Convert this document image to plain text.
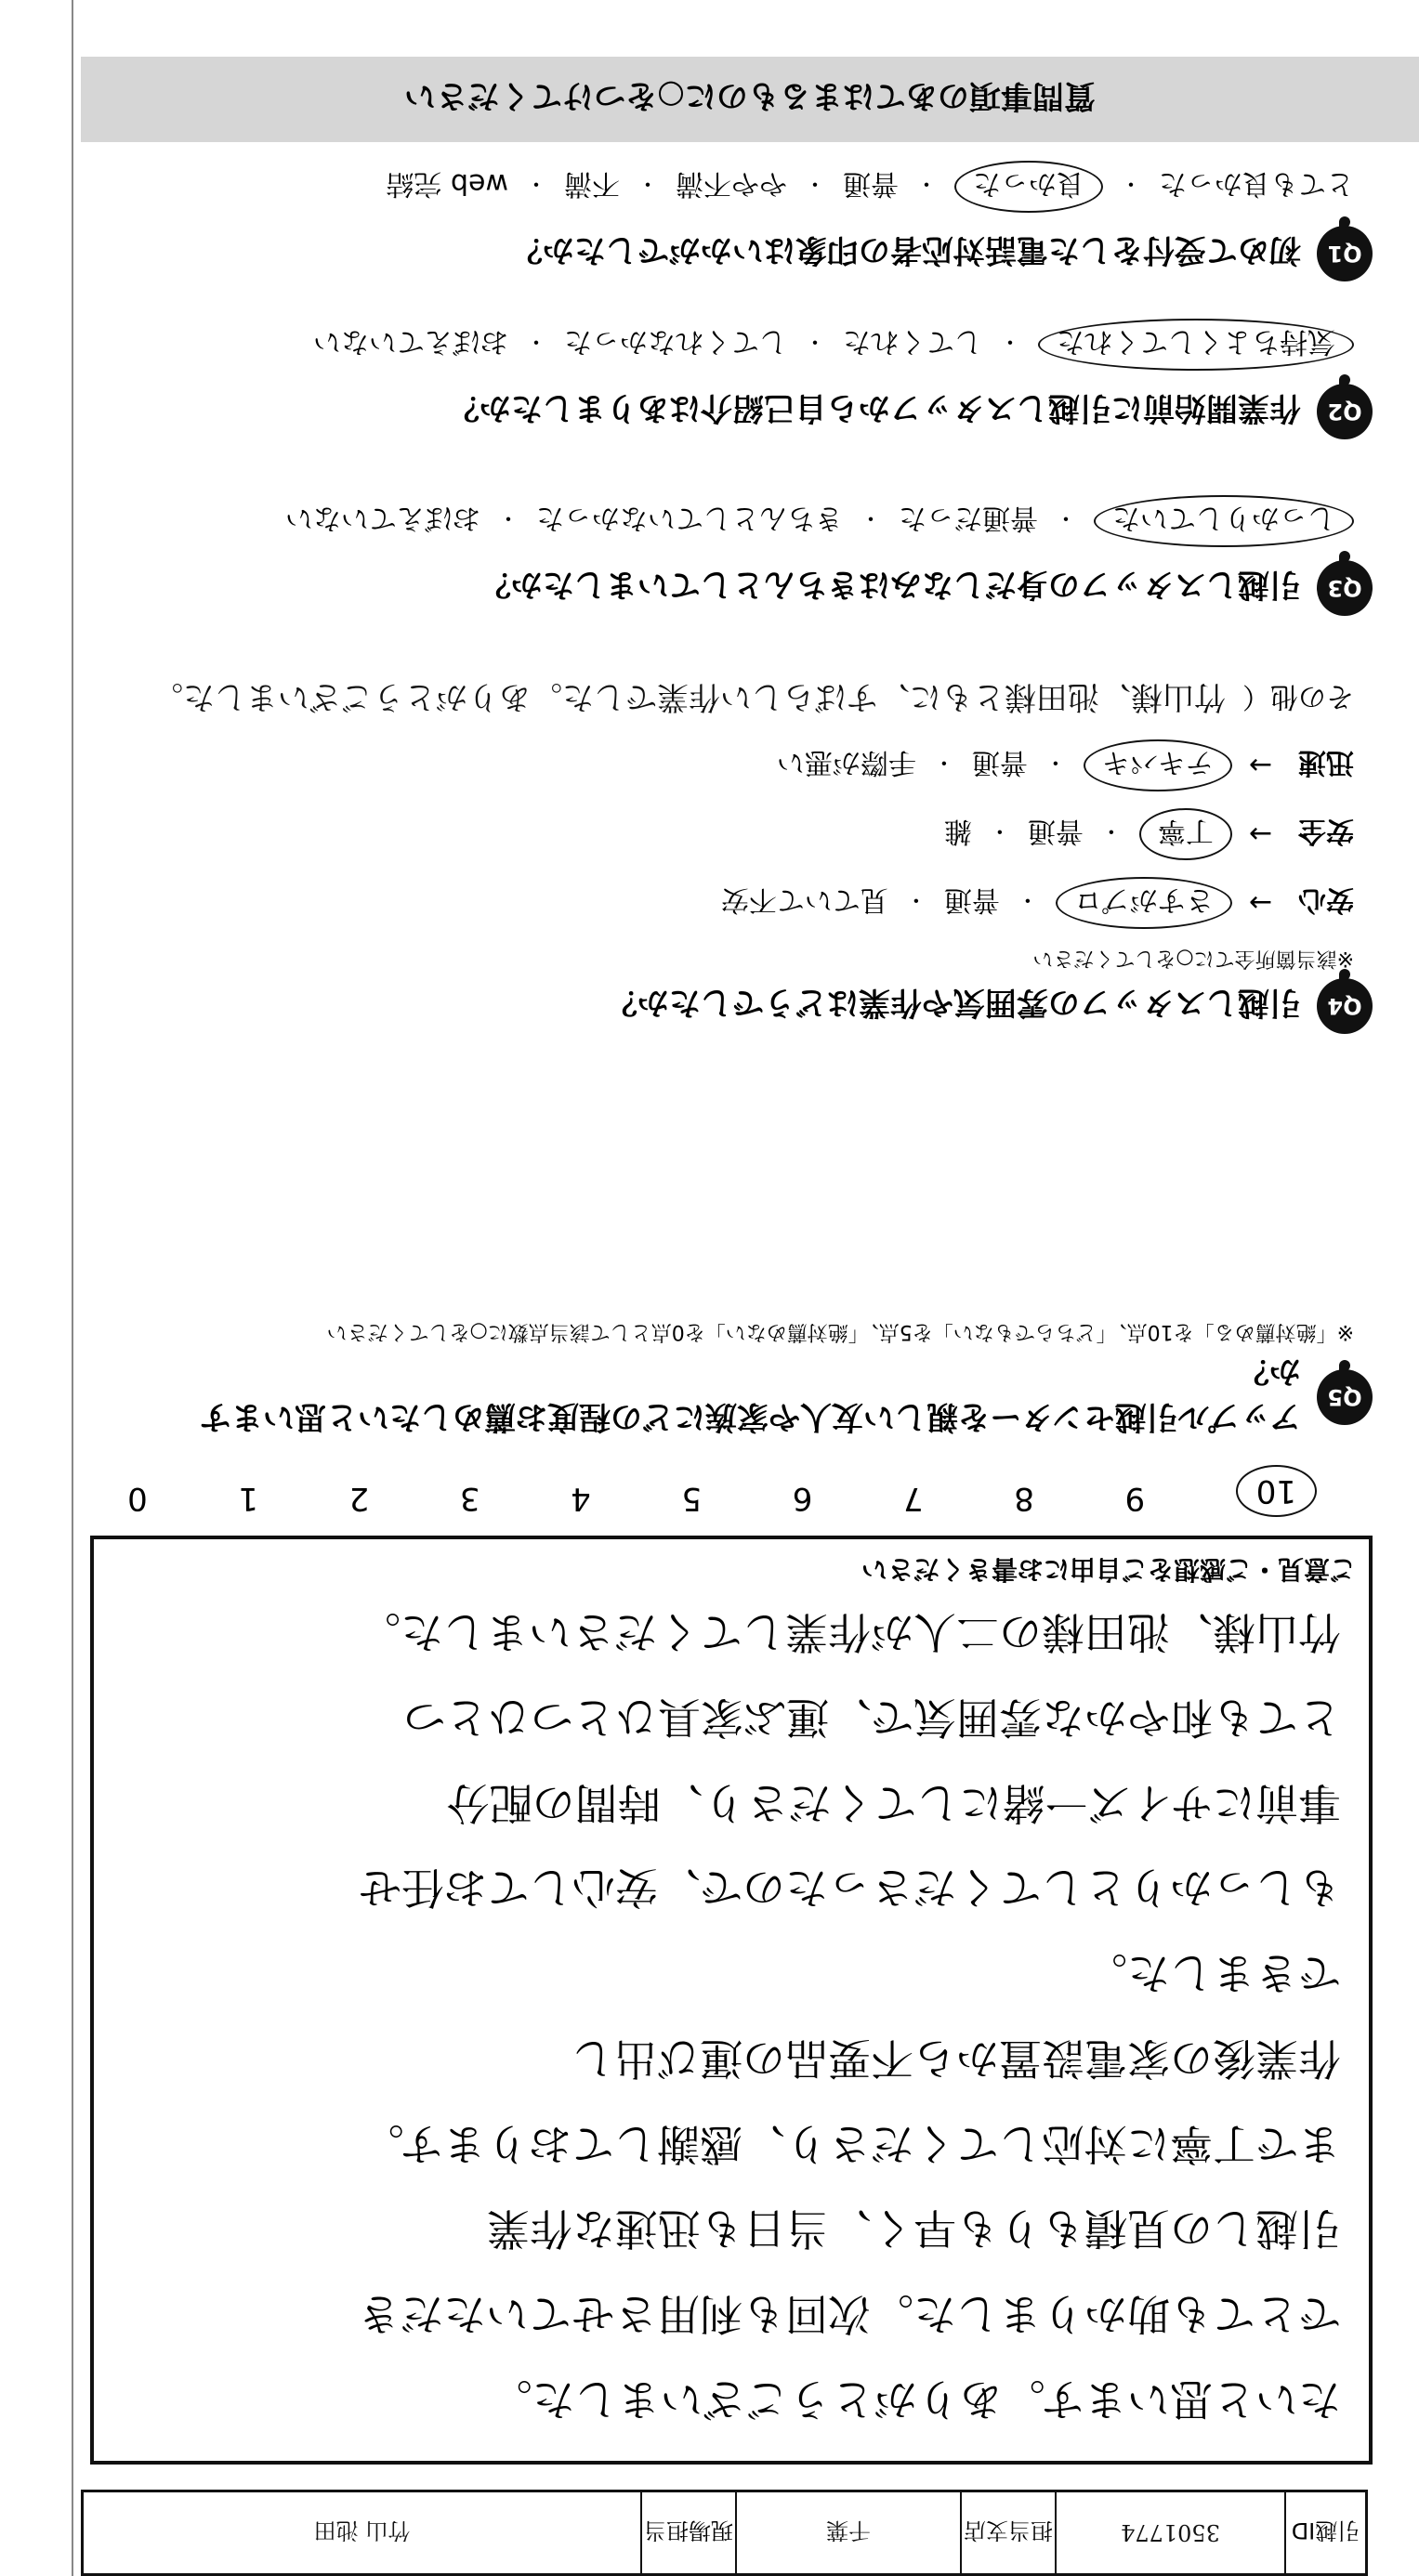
引越ID
3501774
担当支店
千葉
現場担当
竹山 池田
質問事項のあてはまるものに○をつけてください
Q1 初めて受付をした電話対応者の印象はいかがでしたか？
とても良かった
・
良かった
・
普通
・
やや不満
・
不満
・
web 完結
Q2 作業開始前に引越しスタッフから自己紹介はありましたか？
気持ちよくしてくれた
・
してくれた
・
してくれなかった
・
おぼえていない
Q3 引越しスタッフの身だしなみはきちんとしていましたか？
しっかりしていた
・
普通だった
・
きちんとしていなかった
・
おぼえていない
Q4 引越しスタッフの雰囲気や作業はどうでしたか？
※該当箇所全てに○をしてください
安心
→
さすがプロ
・
普通
・
見ていて不安
安全
→
丁寧
・
普通
・
雑
迅速
→
テキパキ
・
普通
・
手際が悪い
その他（
竹山様、池田様ともに、すばらしい作業でした。ありがとうございました。
Q5 アップル引越センターを親しい友人や家族にどの程度お薦めしたいと思いますか？
※「絶対薦める」を10点、「どちらでもない」を5点、「絶対薦めない」を0点として該当点数に○をしてください
10
9
8
7
6
5
4
3
2
1
0
ご意見・ご感想をご自由にお書きください
竹山様、池田様の二人が作業してくださいました。
とても和やかな雰囲気で、運ぶ家具ひとつひとつ
事前にサイズ一緒にしてくださり、時間の配分
もしっかりとしてくださったので、安心してお任せ
できました。
作業後の家電設置から不要品の運び出し
まで丁寧に対応してくださり、感謝しております。
引越しの見積もりも早く、当日も迅速な作業
でとても助かりました。次回も利用させていただき
たいと思います。ありがとうございました。
